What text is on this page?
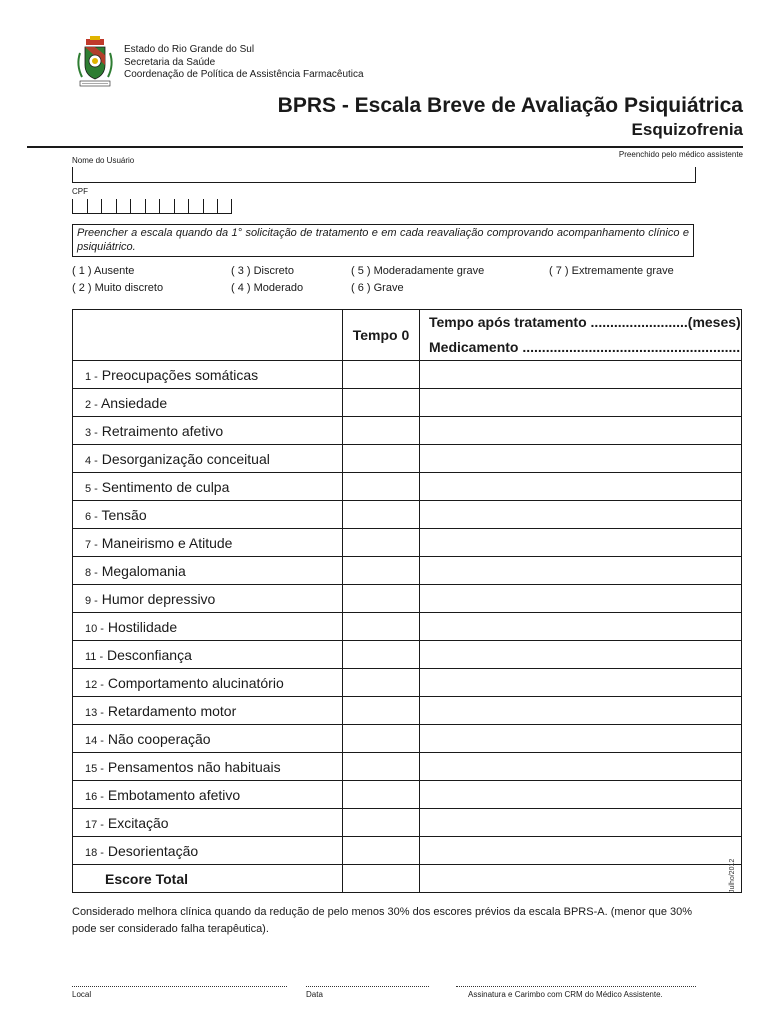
Estado do Rio Grande do Sul
Secretaria da Saúde
Coordenação de Política de Assistência Farmacêutica
BPRS - Escala Breve de Avaliação Psiquiátrica
Esquizofrenia
Preenchido pelo médico assistente
Nome do Usuário
CPF
Preencher a escala quando da 1° solicitação de tratamento e em cada reavaliação comprovando acompanhamento clínico e psiquiátrico.
( 1 ) Ausente
( 2 ) Muito discreto
( 3 ) Discreto
( 4 ) Moderado
( 5 ) Moderadamente grave
( 6 ) Grave
( 7 ) Extremamente grave
	Tempo 0	Tempo após tratamento .........................(meses)
Medicamento ........................................................

1 - Preocupações somáticas		
2 - Ansiedade		
3 - Retraimento afetivo		
4 - Desorganização conceitual		
5 - Sentimento de culpa		
6 - Tensão		
7 - Maneirismo e Atitude		
8 - Megalomania		
9 - Humor depressivo		
10 - Hostilidade		
11 - Desconfiança		
12 - Comportamento alucinatório		
13 - Retardamento motor		
14 - Não cooperação		
15 - Pensamentos não habituais		
16 - Embotamento afetivo		
17 - Excitação		
18 - Desorientação		
Escore Total		
Considerado melhora clínica quando da redução de pelo menos 30% dos escores prévios da escala BPRS-A. (menor que 30% pode ser considerado falha terapêutica).
Julho/2012
Local	Data	Assinatura e Carimbo com CRM do Médico Assistente.
